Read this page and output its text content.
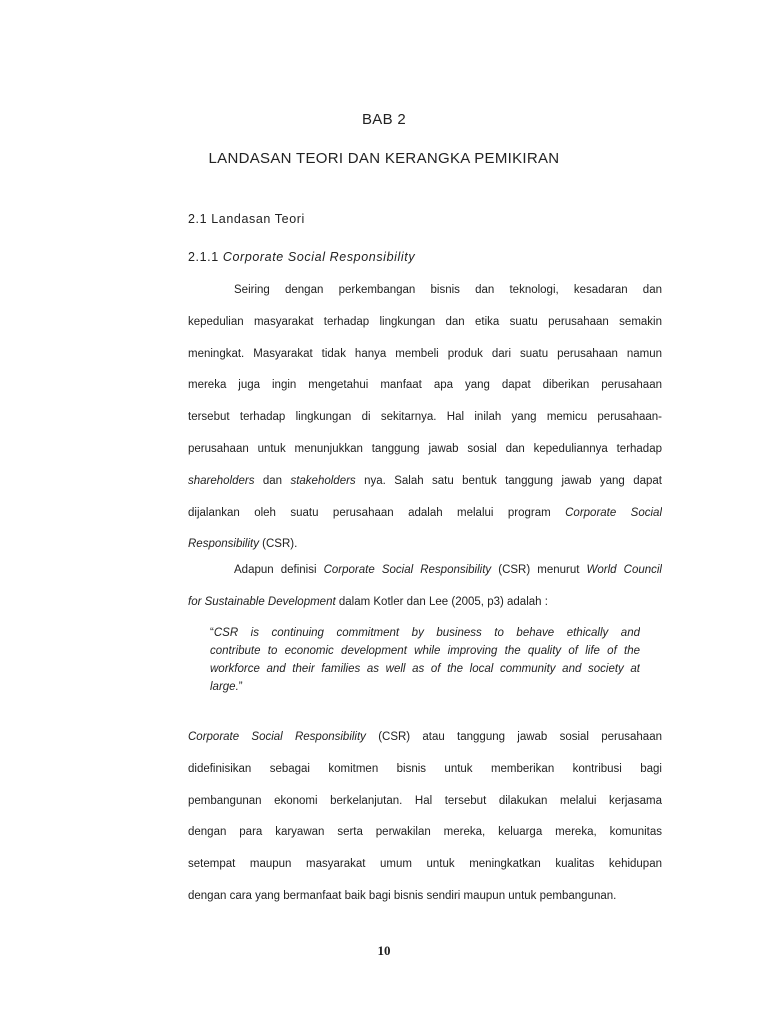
BAB 2
LANDASAN TEORI DAN KERANGKA PEMIKIRAN
2.1 Landasan Teori
2.1.1 Corporate Social Responsibility
Seiring dengan perkembangan bisnis dan teknologi, kesadaran dan
kepedulian masyarakat terhadap lingkungan dan etika suatu perusahaan semakin
meningkat. Masyarakat tidak hanya membeli produk dari suatu perusahaan namun
mereka juga ingin mengetahui manfaat apa yang dapat diberikan perusahaan
tersebut terhadap lingkungan di sekitarnya. Hal inilah yang memicu perusahaan-
perusahaan untuk menunjukkan tanggung jawab sosial dan kepeduliannya terhadap
shareholders dan stakeholders nya. Salah satu bentuk tanggung jawab yang dapat
dijalankan oleh suatu perusahaan adalah melalui program Corporate Social
Responsibility (CSR).
Adapun definisi Corporate Social Responsibility (CSR) menurut World Council
for Sustainable Development dalam Kotler dan Lee (2005, p3) adalah :
“CSR is continuing commitment by business to behave ethically and
contribute to economic development while improving the quality of life of the
workforce and their families as well as of the local community and society at
large.”
Corporate Social Responsibility (CSR) atau tanggung jawab sosial perusahaan
didefinisikan sebagai komitmen bisnis untuk memberikan kontribusi bagi
pembangunan ekonomi berkelanjutan. Hal tersebut dilakukan melalui kerjasama
dengan para karyawan serta perwakilan mereka, keluarga mereka, komunitas
setempat maupun masyarakat umum untuk meningkatkan kualitas kehidupan
dengan cara yang bermanfaat baik bagi bisnis sendiri maupun untuk pembangunan.
10
